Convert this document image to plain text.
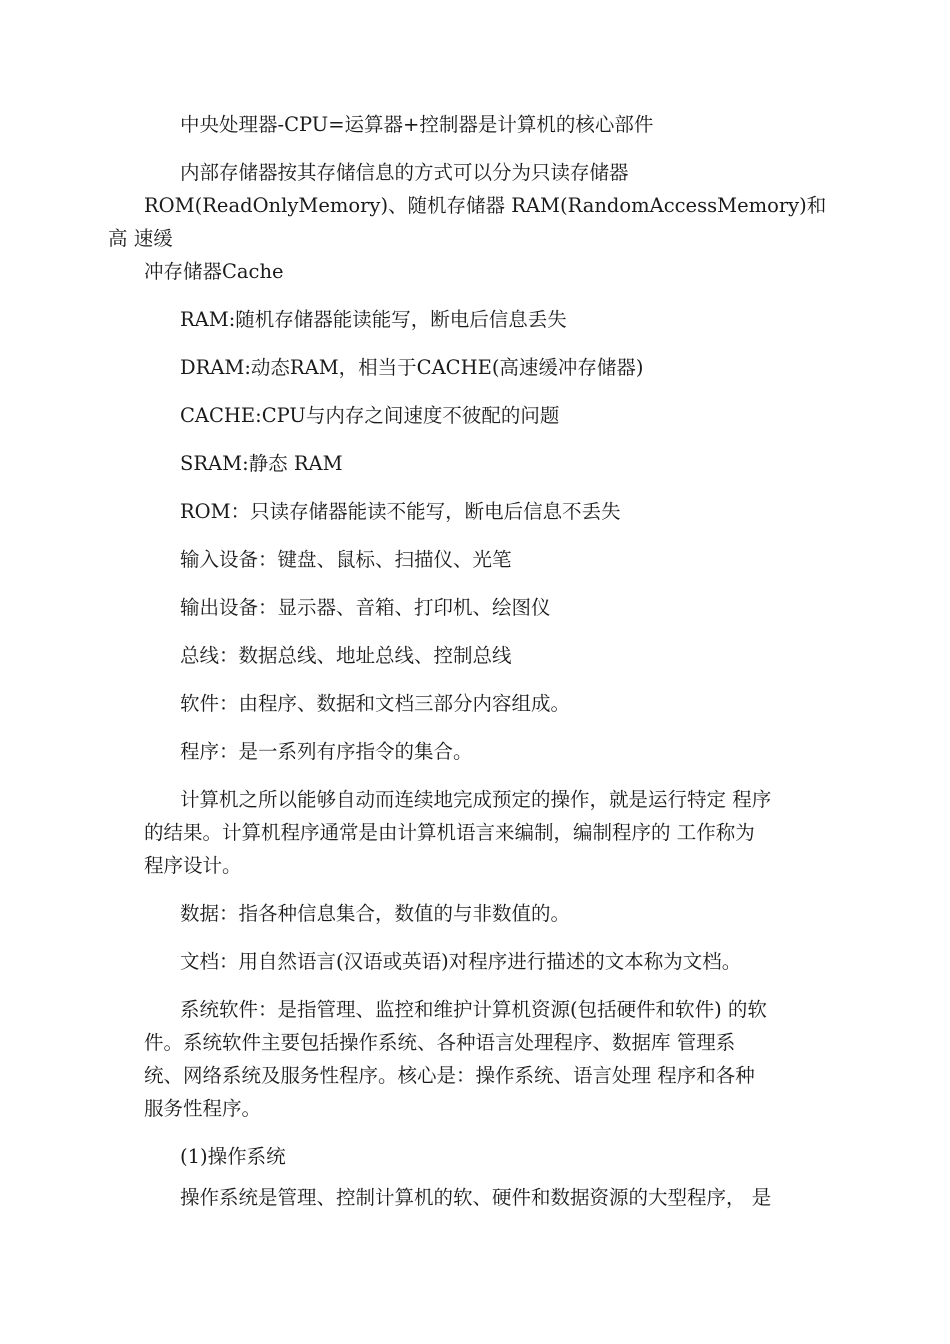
中央处理器-CPU=运算器+控制器是计算机的核心部件

内部存储器按其存储信息的方式可以分为只读存储器
ROM(ReadOnlyMemory)、随机存储器 RAM(RandomAccessMemory)和高 速缓
冲存储器Cache

RAM:随机存储器能读能写，断电后信息丢失

DRAM:动态RAM，相当于CACHE(高速缓冲存储器)

CACHE:CPU与内存之间速度不彼配的问题

SRAM:静态 RAM

ROM：只读存储器能读不能写，断电后信息不丢失

输入设备：键盘、鼠标、扫描仪、光笔

输出设备：显示器、音箱、打印机、绘图仪

总线：数据总线、地址总线、控制总线

软件：由程序、数据和文档三部分内容组成。

程序：是一系列有序指令的集合。

计算机之所以能够自动而连续地完成预定的操作，就是运行特定 程序
的结果。计算机程序通常是由计算机语言来编制，编制程序的 工作称为
程序设计。

数据：指各种信息集合，数值的与非数值的。

文档：用自然语言(汉语或英语)对程序进行描述的文本称为文档。

系统软件：是指管理、监控和维护计算机资源(包括硬件和软件) 的软
件。系统软件主要包括操作系统、各种语言处理程序、数据库 管理系
统、网络系统及服务性程序。核心是：操作系统、语言处理 程序和各种
服务性程序。

(1)操作系统

操作系统是管理、控制计算机的软、硬件和数据资源的大型程序， 是
